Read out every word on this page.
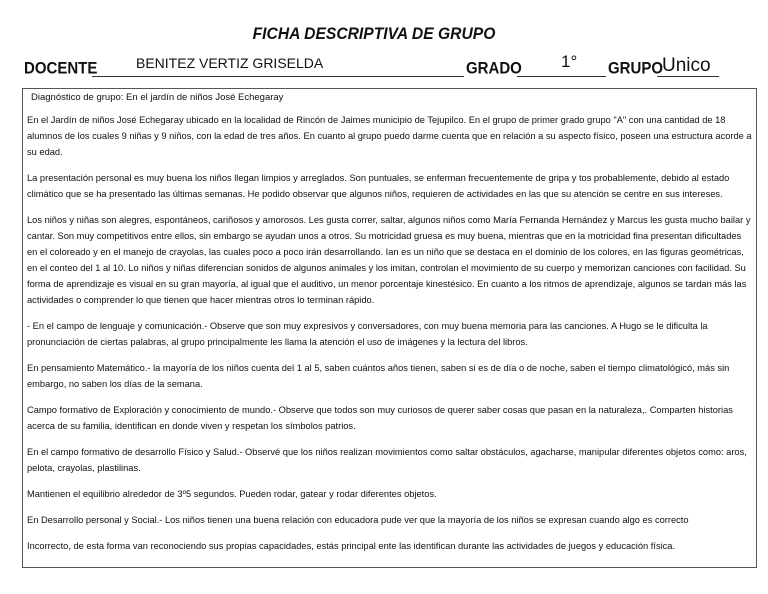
FICHA DESCRIPTIVA DE GRUPO
DOCENTE	BENITEZ VERTIZ GRISELDA	GRADO 1° GRUPO
Unico
Diagnóstico de grupo: En el jardín de niños José Echegaray

En el Jardín de niños José Echegaray ubicado en la localidad de Rincón de Jaimes municipio de Tejupilco. En el grupo de primer grado grupo "A" con una cantidad de 18 alumnos de los cuales 9 niñas y 9 niños, con la edad de tres años. En cuanto al grupo puedo darme cuenta que en relación a su aspecto físico, poseen una estructura acorde a su edad.

La presentación personal es muy buena los niños llegan limpios y arreglados. Son puntuales, se enferman frecuentemente de gripa y tos probablemente, debido al estado climático que se ha presentado las últimas semanas. He podido observar que algunos niños, requieren de actividades en las que su atención se centre en sus intereses.

Los niños y niñas son alegres, espontáneos, cariñosos y amorosos. Les gusta correr, saltar, algunos niños como María Fernanda Hernández y Marcus les gusta mucho bailar y cantar. Son muy competitivos entre ellos, sin embargo se ayudan unos a otros. Su motricidad gruesa es muy buena, mientras que en la motricidad fina presentan dificultades en el coloreado y en el manejo de crayolas, las cuales poco a poco irán desarrollando. Ian es un niño que se destaca en el dominio de los colores, en las figuras geométricas, en el conteo del 1 al 10. Lo niños y niñas diferencian sonidos de algunos animales y los imitan, controlan el movimiento de su cuerpo y memorizan canciones con facilidad. Su forma de aprendizaje es visual en su gran mayoría, al igual que el auditivo, un menor porcentaje kinestésico. En cuanto a los ritmos de aprendizaje, algunos se tardan más las actividades o comprender lo que tienen que hacer mientras otros lo terminan rápido.

- En el campo de lenguaje y comunicación.- Observe que son muy expresivos y conversadores, con muy buena memoria para las canciones. A Hugo se le dificulta la pronunciación de ciertas palabras, al grupo principalmente les llama la atención el uso de imágenes y la lectura del libros.

En pensamiento Matemático.- la mayoría de los niños cuenta del 1 al 5, saben cuántos años tienen, saben si es de día o de noche, saben el tiempo climatológicó, más sin embargo, no saben los días de la semana.

Campo formativo de Exploración y conocimiento de mundo.- Observe que todos son muy curiosos de querer saber cosas que pasan en la naturaleza,. Comparten historias acerca de su familia, identifican en donde viven y respetan los símbolos patrios.

En el campo formativo de desarrollo Físico y Salud.- Observé que los niños realizan movimientos como saltar obstáculos, agacharse, manipular diferentes objetos como: aros, pelota, crayolas, plastilinas.

Mantienen el equilibrio alrededor de 3º5 segundos. Pueden rodar, gatear y rodar diferentes objetos.

En Desarrollo personal y Social.- Los niños tienen una buena relación con educadora pude ver que la mayoría de los niños se expresan cuando algo es correcto

Incorrecto, de esta forma van reconociendo sus propias capacidades, estás principal ente las identifican durante las actividades de juegos y educación física.
